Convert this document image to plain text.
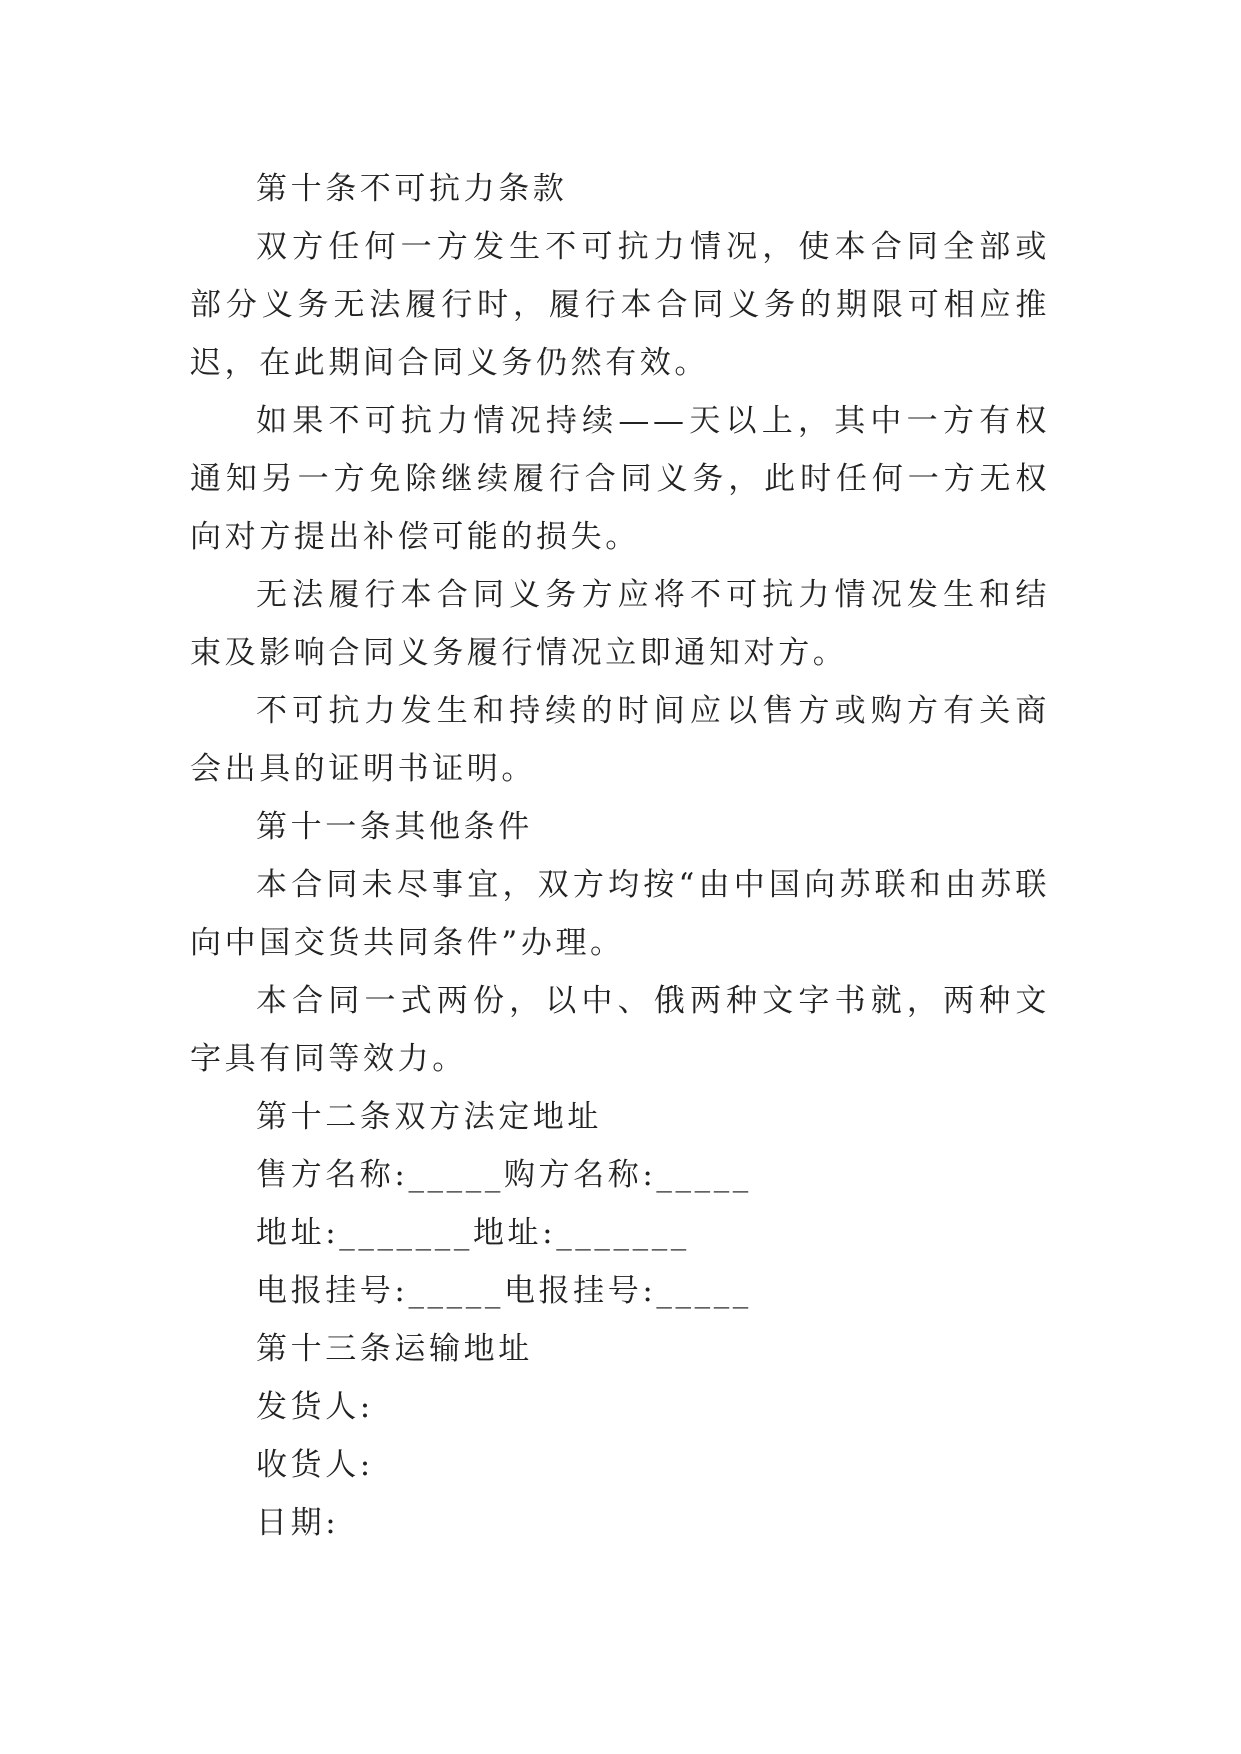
第十条不可抗力条款

双方任何一方发生不可抗力情况，使本合同全部或部分义务无法履行时，履行本合同义务的期限可相应推迟，在此期间合同义务仍然有效。

如果不可抗力情况持续——天以上，其中一方有权通知另一方免除继续履行合同义务，此时任何一方无权向对方提出补偿可能的损失。

无法履行本合同义务方应将不可抗力情况发生和结束及影响合同义务履行情况立即通知对方。

不可抗力发生和持续的时间应以售方或购方有关商会出具的证明书证明。

第十一条其他条件

本合同未尽事宜，双方均按“由中国向苏联和由苏联向中国交货共同条件”办理。

本合同一式两份，以中、俄两种文字书就，两种文字具有同等效力。

第十二条双方法定地址

售方名称:_____购方名称:_____

地址:_______地址:_______

电报挂号:_____电报挂号:_____

第十三条运输地址

发货人:

收货人:

日期:
